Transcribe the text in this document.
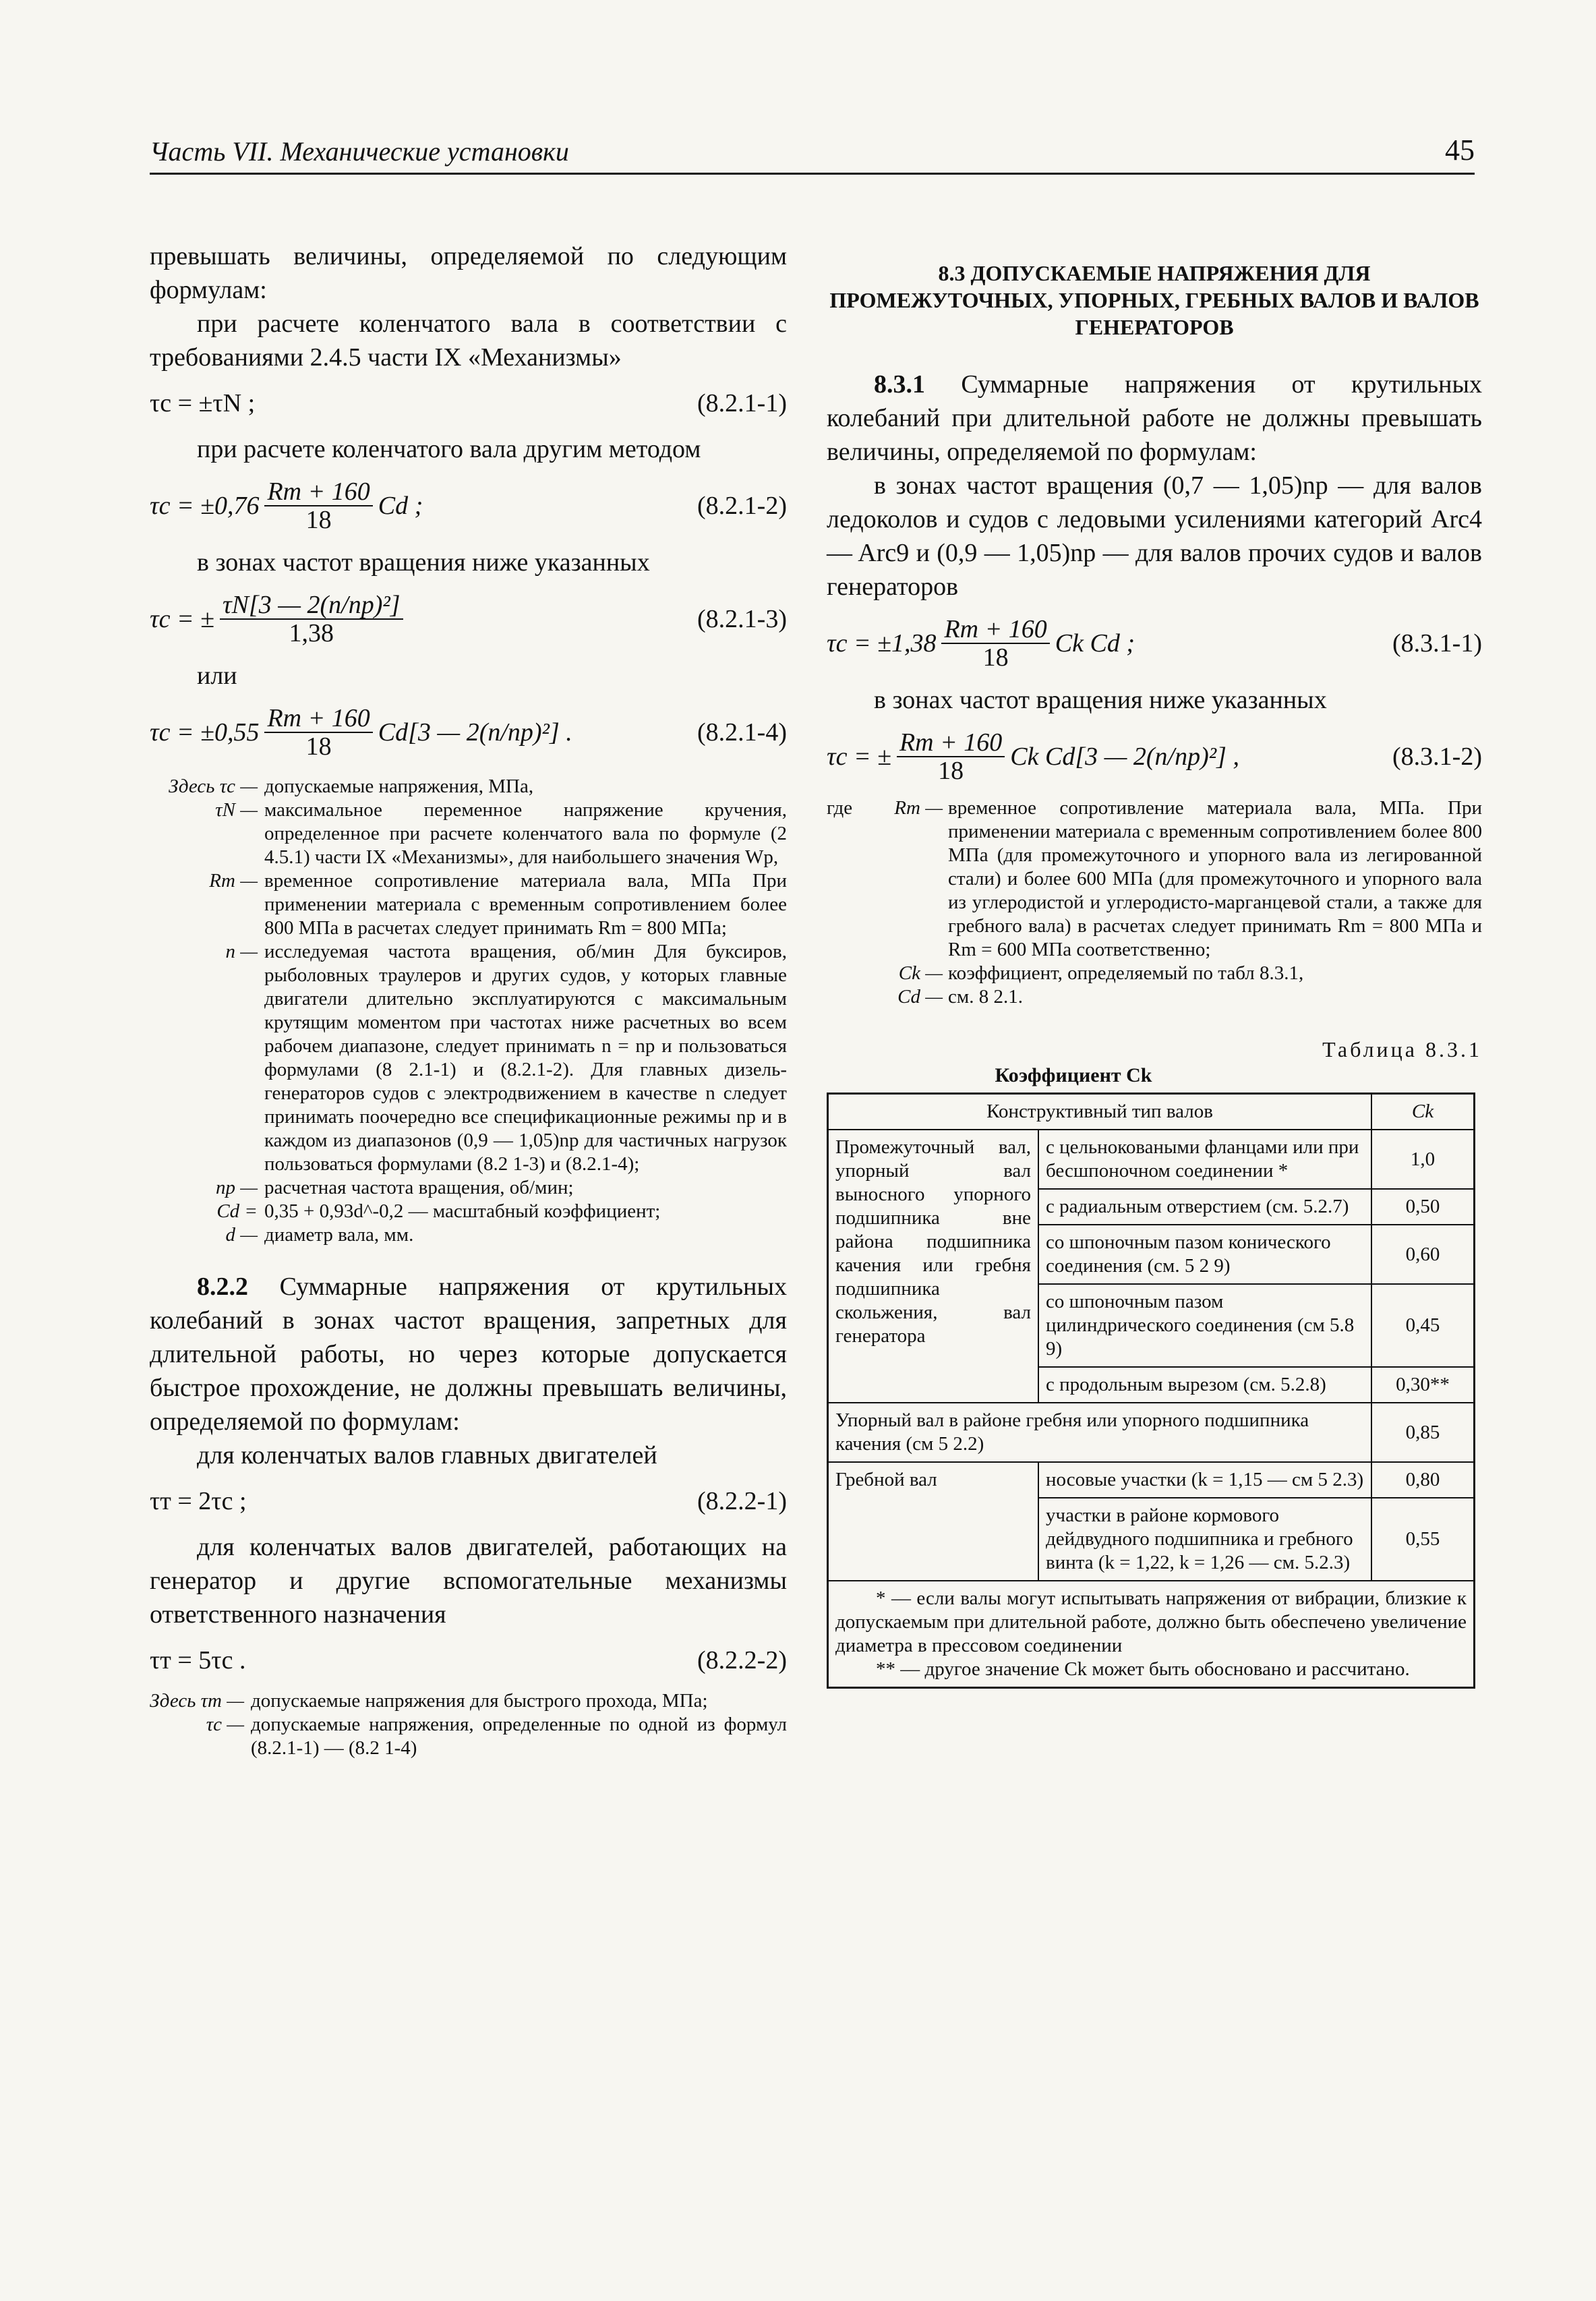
Часть VII. Механические установки	45

превышать величины, определяемой по следующим формулам:

при расчете коленчатого вала в соответствии с требованиями 2.4.5 части IX «Механизмы»

τc = ±τN ;	(8.2.1-1)

при расчете коленчатого вала другим методом

$\tau c = \pm 0,76 \frac{Rm + 160}{18}$ Cd ;	(8.2.1-2)

в зонах частот вращения ниже указанных

τc = ± $\frac{\text{τN[3 — 2(n/np)²]}}{1,38}$	(8.2.1-3)

или

$\tau c = \pm 0,55 \frac{Rm + 160}{18} Cd[3$ — 2(n/np)²] .	(8.2.1-4)
Здесь τc — допускаемые напряжения, МПа,
τN — максимальное переменное напряжение кручения, определенное при расчете коленчатого вала по формуле (2 4.5.1) части IX «Механизмы», для наибольшего значения Wp,
Rm — временное сопротивление материала вала, МПа При применении материала с временным сопротивлением более 800 МПа в расчетах следует принимать Rm = 800 МПа;
n — исследуемая частота вращения, об/мин Для буксиров, рыболовных траулеров и других судов, у которых главные двигатели длительно эксплуатируются с максимальным крутящим моментом при частотах ниже расчетных во всем рабочем диапазоне, следует принимать n = np и пользоваться формулами (8 2.1-1) и (8.2.1-2). Для главных дизель-генераторов судов с электродвижением в качестве n следует принимать поочередно все спецификационные режимы np и в каждом из диапазонов (0,9 — 1,05)np для частичных нагрузок пользоваться формулами (8.2 1-3) и (8.2.1-4);
np — расчетная частота вращения, об/мин;
Cd = 0,35 + 0,93d^-0,2 — масштабный коэффициент;
d — диаметр вала, мм.

8.2.2 Суммарные напряжения от крутильных колебаний в зонах частот вращения, запретных для длительной работы, но через которые допускается быстрое прохождение, не должны превышать величины, определяемой по формулам:

для коленчатых валов главных двигателей

τт = 2τc ;	(8.2.2-1)

для коленчатых валов двигателей, работающих на генератор и другие вспомогательные механизмы ответственного назначения

τт = 5τc .	(8.2.2-2)
Здесь τт — допускаемые напряжения для быстрого прохода, МПа;
τc — допускаемые напряжения, определенные по одной из формул (8.2.1-1) — (8.2 1-4)
8.3 ДОПУСКАЕМЫЕ НАПРЯЖЕНИЯ ДЛЯ ПРОМЕЖУТОЧНЫХ, УПОРНЫХ, ГРЕБНЫХ ВАЛОВ И ВАЛОВ ГЕНЕРАТОРОВ

8.3.1 Суммарные напряжения от крутильных колебаний при длительной работе не должны превышать величины, определяемой по формулам:

в зонах частот вращения (0,7 — 1,05)np — для валов ледоколов и судов с ледовыми усилениями категорий Arc4 — Arc9 и (0,9 — 1,05)np — для валов прочих судов и валов генераторов

$\tau c = \pm 1,38 \frac{Rm + 160}{18}$ Ck Cd ;	(8.3.1-1)

в зонах частот вращения ниже указанных

τc = ± $\frac{Rm + 160}{18}$ Ck Cd[3 — 2(n/np)²] ,	(8.3.1-2)
где	Rm — временное сопротивление материала вала, МПа. При применении материала с временным сопротивлением более 800 МПа (для промежуточного и упорного вала из легированной стали) и более 600 МПа (для промежуточного и упорного вала из углеродистой и углеродисто-марганцевой стали, а также для гребного вала) в расчетах следует принимать Rm = 800 МПа и Rm = 600 МПа соответственно;
Ck — коэффициент, определяемый по табл 8.3.1,
Cd — см. 8 2.1.
Таблица 8.3.1
Коэффициент Ck
Конструктивный тип валов		Ck
Промежуточный вал, упорный вал выносного упорного подшипника вне района подшипника качения или гребня подшипника скольжения, вал генератора	с цельноковаными фланцами или при бесшпоночном соединении *	1,0
	с радиальным отверстием (см. 5.2.7)	0,50
	со шпоночным пазом конического соединения (см. 5 2 9)	0,60
	со шпоночным пазом цилиндрического соединения (см 5.8 9)	0,45
	с продольным вырезом (см. 5.2.8)	0,30**
Упорный вал в районе гребня или упорного подшипника качения (см 5 2.2)		0,85
Гребной вал	носовые участки (k = 1,15 — см 5 2.3)	0,80
	участки в районе кормового дейдвудного подшипника и гребного винта (k = 1,22, k = 1,26 — см. 5.2.3)	0,55

* — если валы могут испытывать напряжения от вибрации, близкие к допускаемым при длительной работе, должно быть обеспечено увеличение диаметра в прессовом соединении
** — другое значение Ck может быть обосновано и рассчитано.		
